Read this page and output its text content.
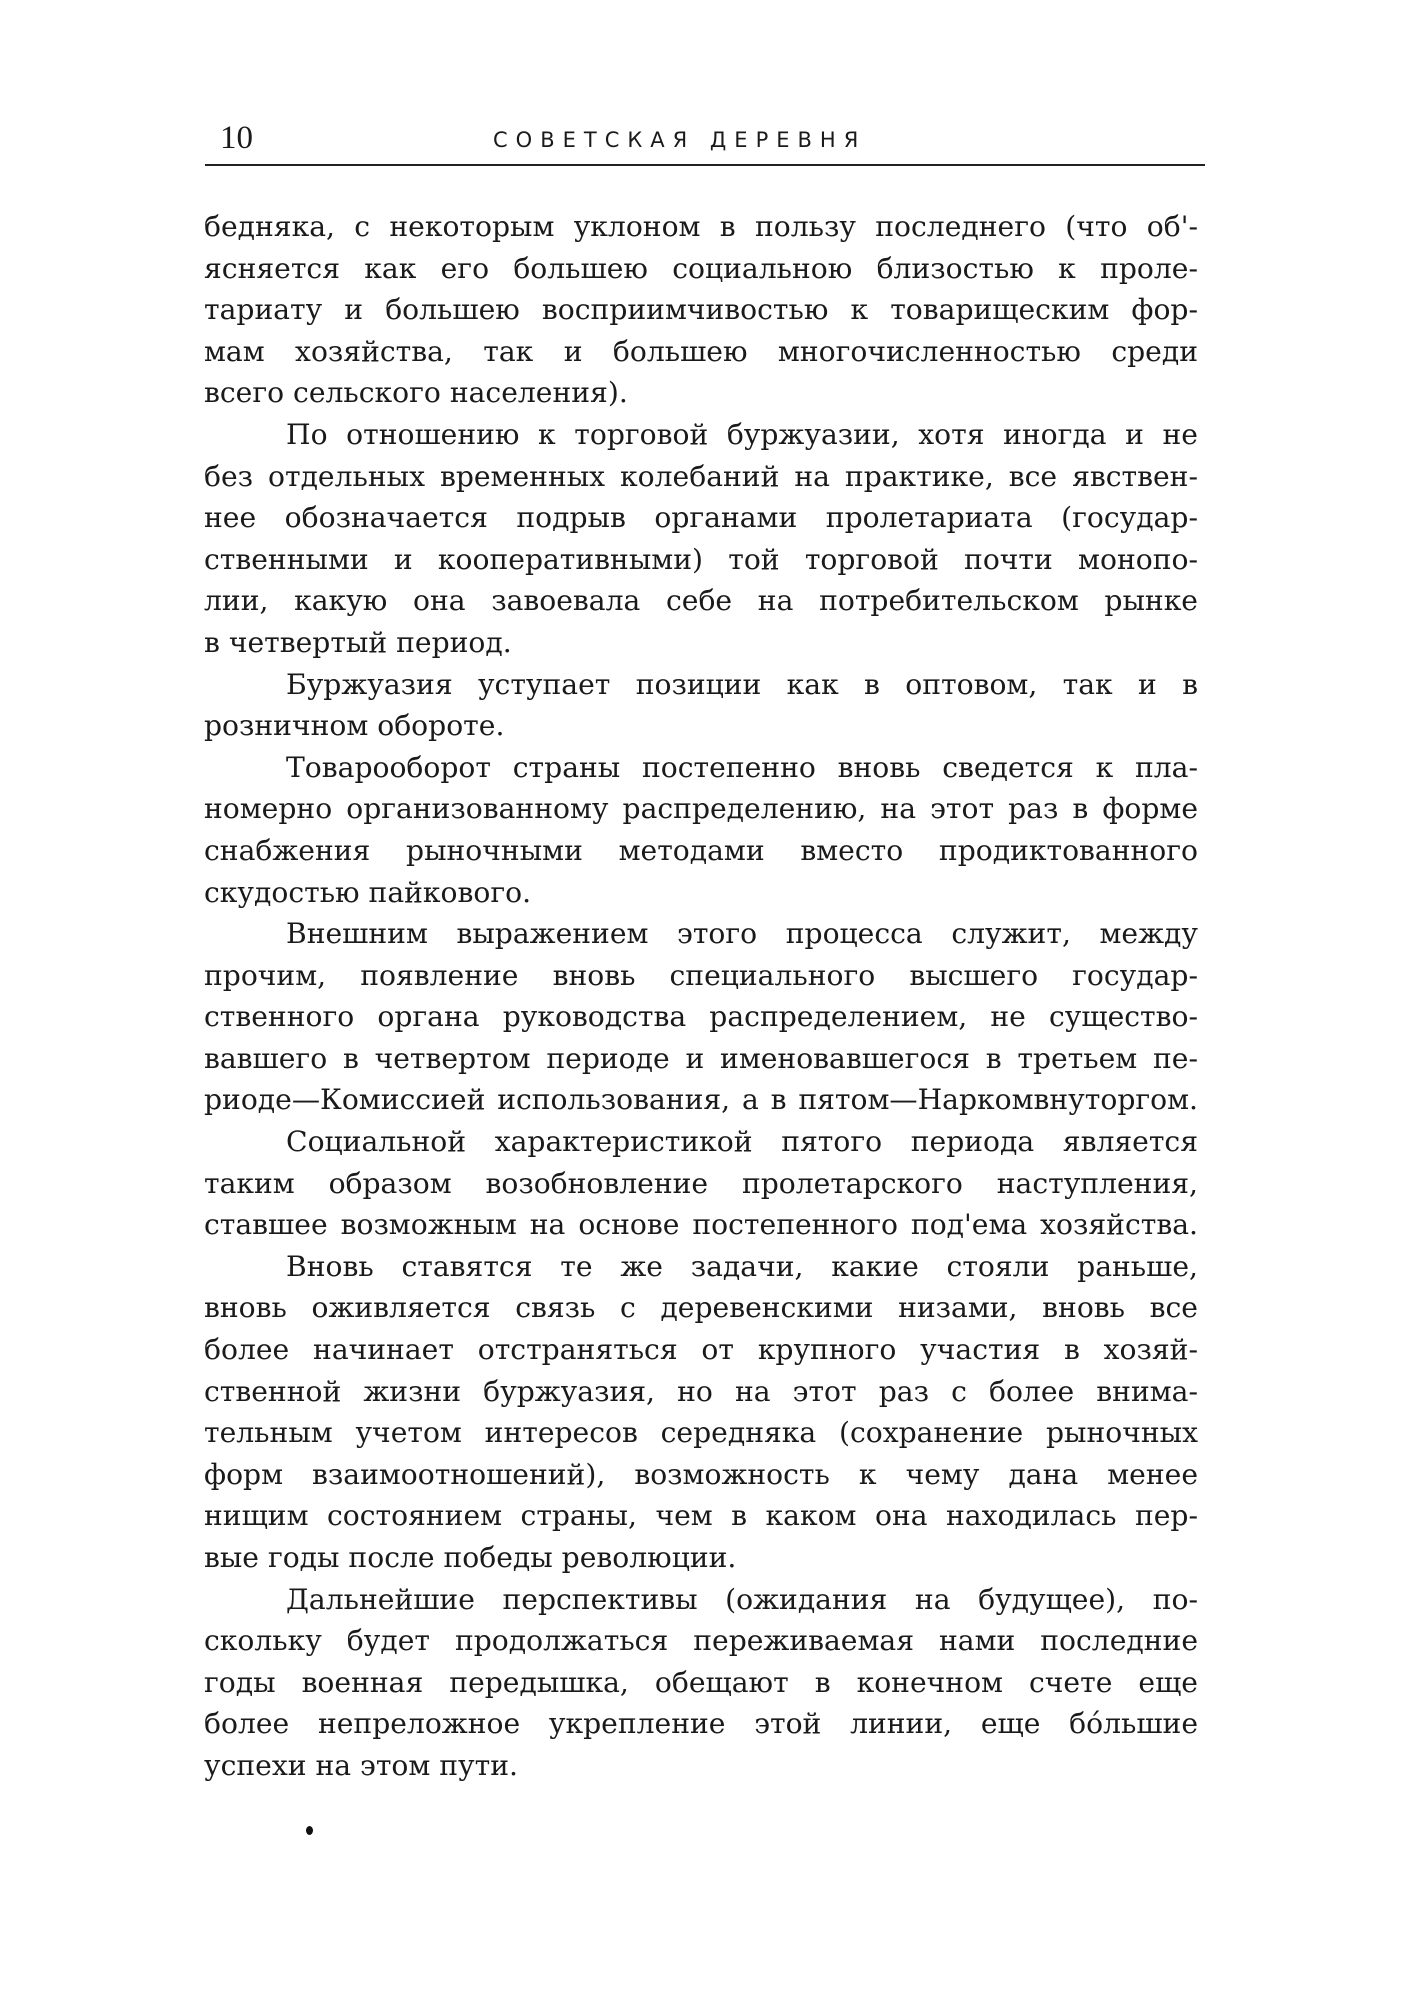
10	СОВЕТСКАЯ ДЕРЕВНЯ
бедняка, с некоторым уклоном в пользу последнего (что об'-
ясняется как его большею социальною близостью к проле-
тариату и большею восприимчивостью к товарищеским фор-
мам хозяйства, так и большею многочисленностью среди
всего сельского населения).
По отношению к торговой буржуазии, хотя иногда и не
без отдельных временных колебаний на практике, все явствен-
нее обозначается подрыв органами пролетариата (государ-
ственными и кооперативными) той торговой почти монопо-
лии, какую она завоевала себе на потребительском рынке
в четвертый период.
Буржуазия уступает позиции как в оптовом, так и в
розничном обороте.
Товарооборот страны постепенно вновь сведется к пла-
номерно организованному распределению, на этот раз в форме
снабжения рыночными методами вместо продиктованного
скудостью пайкового.
Внешним выражением этого процесса служит, между
прочим, появление вновь специального высшего государ-
ственного органа руководства распределением, не существо-
вавшего в четвертом периоде и именовавшегося в третьем пе-
риоде—Комиссией использования, а в пятом—Наркомвнуторгом.
Социальной характеристикой пятого периода является
таким образом возобновление пролетарского наступления,
ставшее возможным на основе постепенного под'ема хозяйства.
Вновь ставятся те же задачи, какие стояли раньше,
вновь оживляется связь с деревенскими низами, вновь все
более начинает отстраняться от крупного участия в хозяй-
ственной жизни буржуазия, но на этот раз с более внима-
тельным учетом интересов середняка (сохранение рыночных
форм взаимоотношений), возможность к чему дана менее
нищим состоянием страны, чем в каком она находилась пер-
вые годы после победы революции.
Дальнейшие перспективы (ожидания на будущее), по-
скольку будет продолжаться переживаемая нами последние
годы военная передышка, обещают в конечном счете еще
более непреложное укрепление этой линии, еще бóльшие
успехи на этом пути.
